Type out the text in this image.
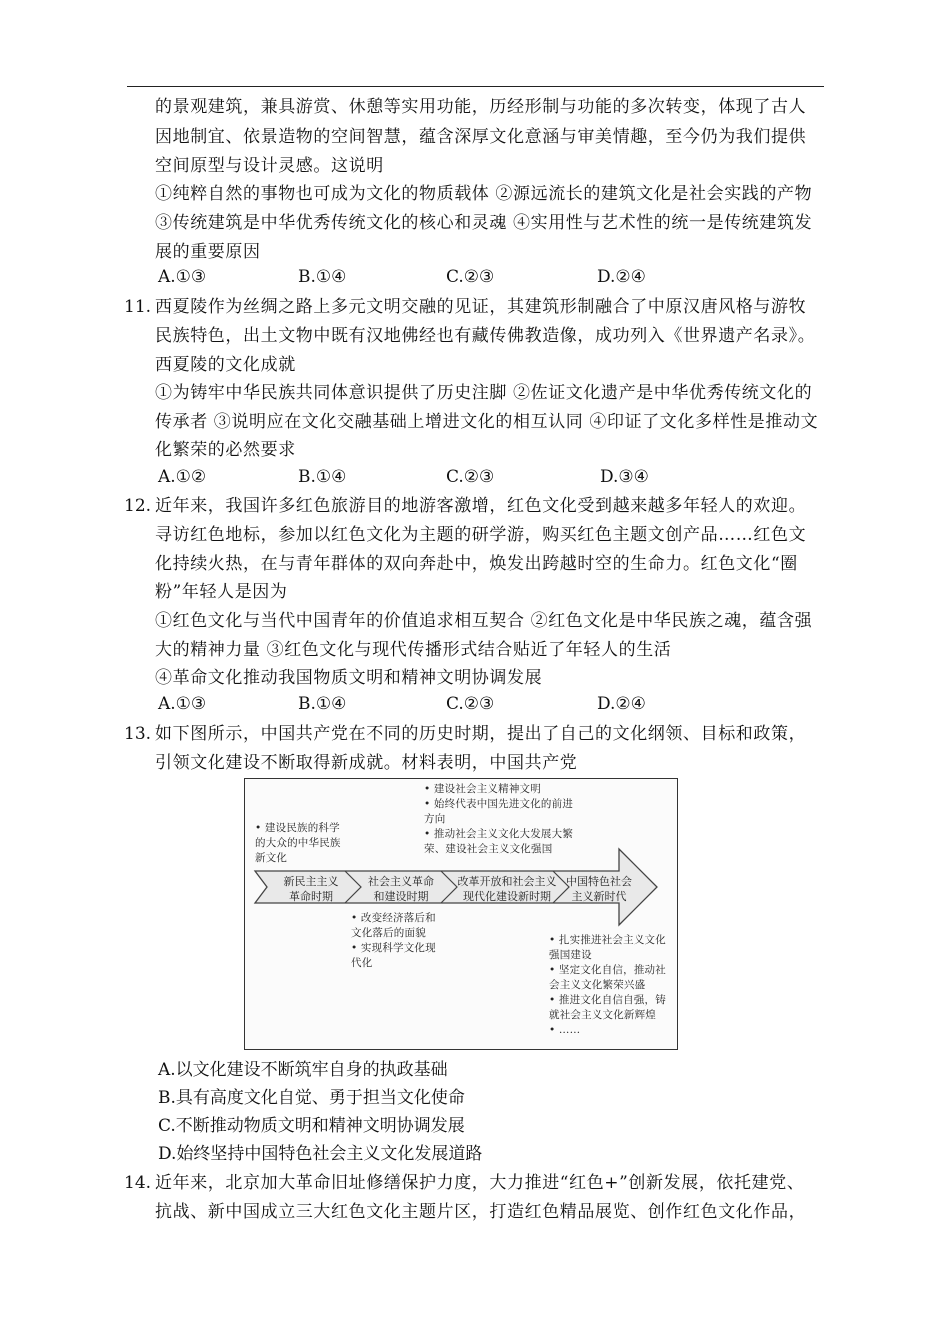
的景观建筑，兼具游赏、休憩等实用功能，历经形制与功能的多次转变，体现了古人
因地制宜、依景造物的空间智慧，蕴含深厚文化意涵与审美情趣，至今仍为我们提供
空间原型与设计灵感。这说明
①纯粹自然的事物也可成为文化的物质载体 ②源远流长的建筑文化是社会实践的产物
③传统建筑是中华优秀传统文化的核心和灵魂 ④实用性与艺术性的统一是传统建筑发
展的重要原因
A.①③	B.①④	C.②③	D.②④
11. 西夏陵作为丝绸之路上多元文明交融的见证，其建筑形制融合了中原汉唐风格与游牧
民族特色，出土文物中既有汉地佛经也有藏传佛教造像，成功列入《世界遗产名录》。
西夏陵的文化成就
①为铸牢中华民族共同体意识提供了历史注脚 ②佐证文化遗产是中华优秀传统文化的
传承者 ③说明应在文化交融基础上增进文化的相互认同 ④印证了文化多样性是推动文
化繁荣的必然要求
A.①②	B.①④	C.②③	D.③④
12. 近年来，我国许多红色旅游目的地游客激增，红色文化受到越来越多年轻人的欢迎。
寻访红色地标，参加以红色文化为主题的研学游，购买红色主题文创产品……红色文
化持续火热，在与青年群体的双向奔赴中，焕发出跨越时空的生命力。红色文化“圈
粉”年轻人是因为
①红色文化与当代中国青年的价值追求相互契合 ②红色文化是中华民族之魂，蕴含强
大的精神力量 ③红色文化与现代传播形式结合贴近了年轻人的生活
④革命文化推动我国物质文明和精神文明协调发展
A.①③	B.①④	C.②③	D.②④
13. 如下图所示，中国共产党在不同的历史时期，提出了自己的文化纲领、目标和政策，
引领文化建设不断取得新成就。材料表明，中国共产党
新民主主义
革命时期
社会主义革命
和建设时期
改革开放和社会主义
现代化建设新时期
中国特色社会
主义新时代
• 建设民族的科学
的大众的中华民族
新文化
• 改变经济落后和
文化落后的面貌
• 实现科学文化现
代化
• 建设社会主义精神文明
• 始终代表中国先进文化的前进
方向
• 推动社会主义文化大发展大繁
荣、建设社会主义文化强国
• 扎实推进社会主义文化
强国建设
• 坚定文化自信，推动社
会主义文化繁荣兴盛
• 推进文化自信自强，铸
就社会主义文化新辉煌
• ……
A.以文化建设不断筑牢自身的执政基础
B.具有高度文化自觉、勇于担当文化使命
C.不断推动物质文明和精神文明协调发展
D.始终坚持中国特色社会主义文化发展道路
14. 近年来，北京加大革命旧址修缮保护力度，大力推进“红色+”创新发展，依托建党、
抗战、新中国成立三大红色文化主题片区，打造红色精品展览、创作红色文化作品，
